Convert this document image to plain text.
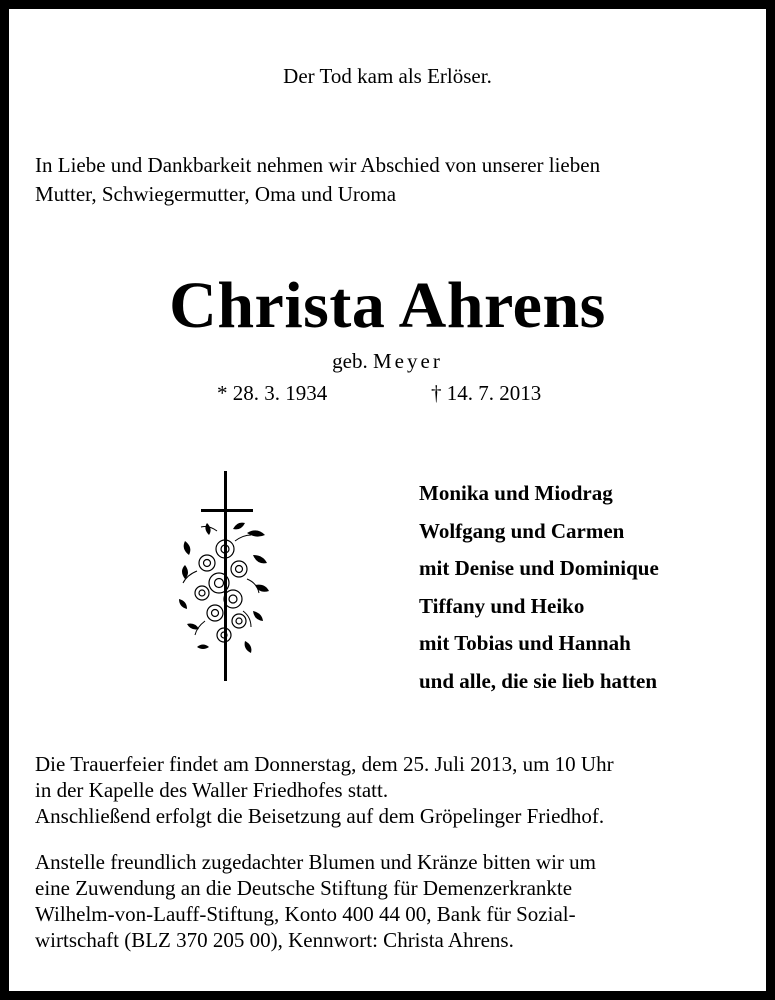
Der Tod kam als Erlöser.
In Liebe und Dankbarkeit nehmen wir Abschied von unserer lieben
Mutter, Schwiegermutter, Oma und Uroma
Christa Ahrens
geb. Meyer
* 28. 3. 1934	† 14. 7. 2013
Monika und Miodrag
Wolfgang und Carmen
mit Denise und Dominique
Tiffany und Heiko
mit Tobias und Hannah
und alle, die sie lieb hatten
Die Trauerfeier findet am Donnerstag, dem 25. Juli 2013, um 10 Uhr
in der Kapelle des Waller Friedhofes statt.
Anschließend erfolgt die Beisetzung auf dem Gröpelinger Friedhof.
Anstelle freundlich zugedachter Blumen und Kränze bitten wir um
eine Zuwendung an die Deutsche Stiftung für Demenzerkrankte
Wilhelm-von-Lauff-Stiftung, Konto 400 44 00, Bank für Sozial-
wirtschaft (BLZ 370 205 00), Kennwort: Christa Ahrens.
